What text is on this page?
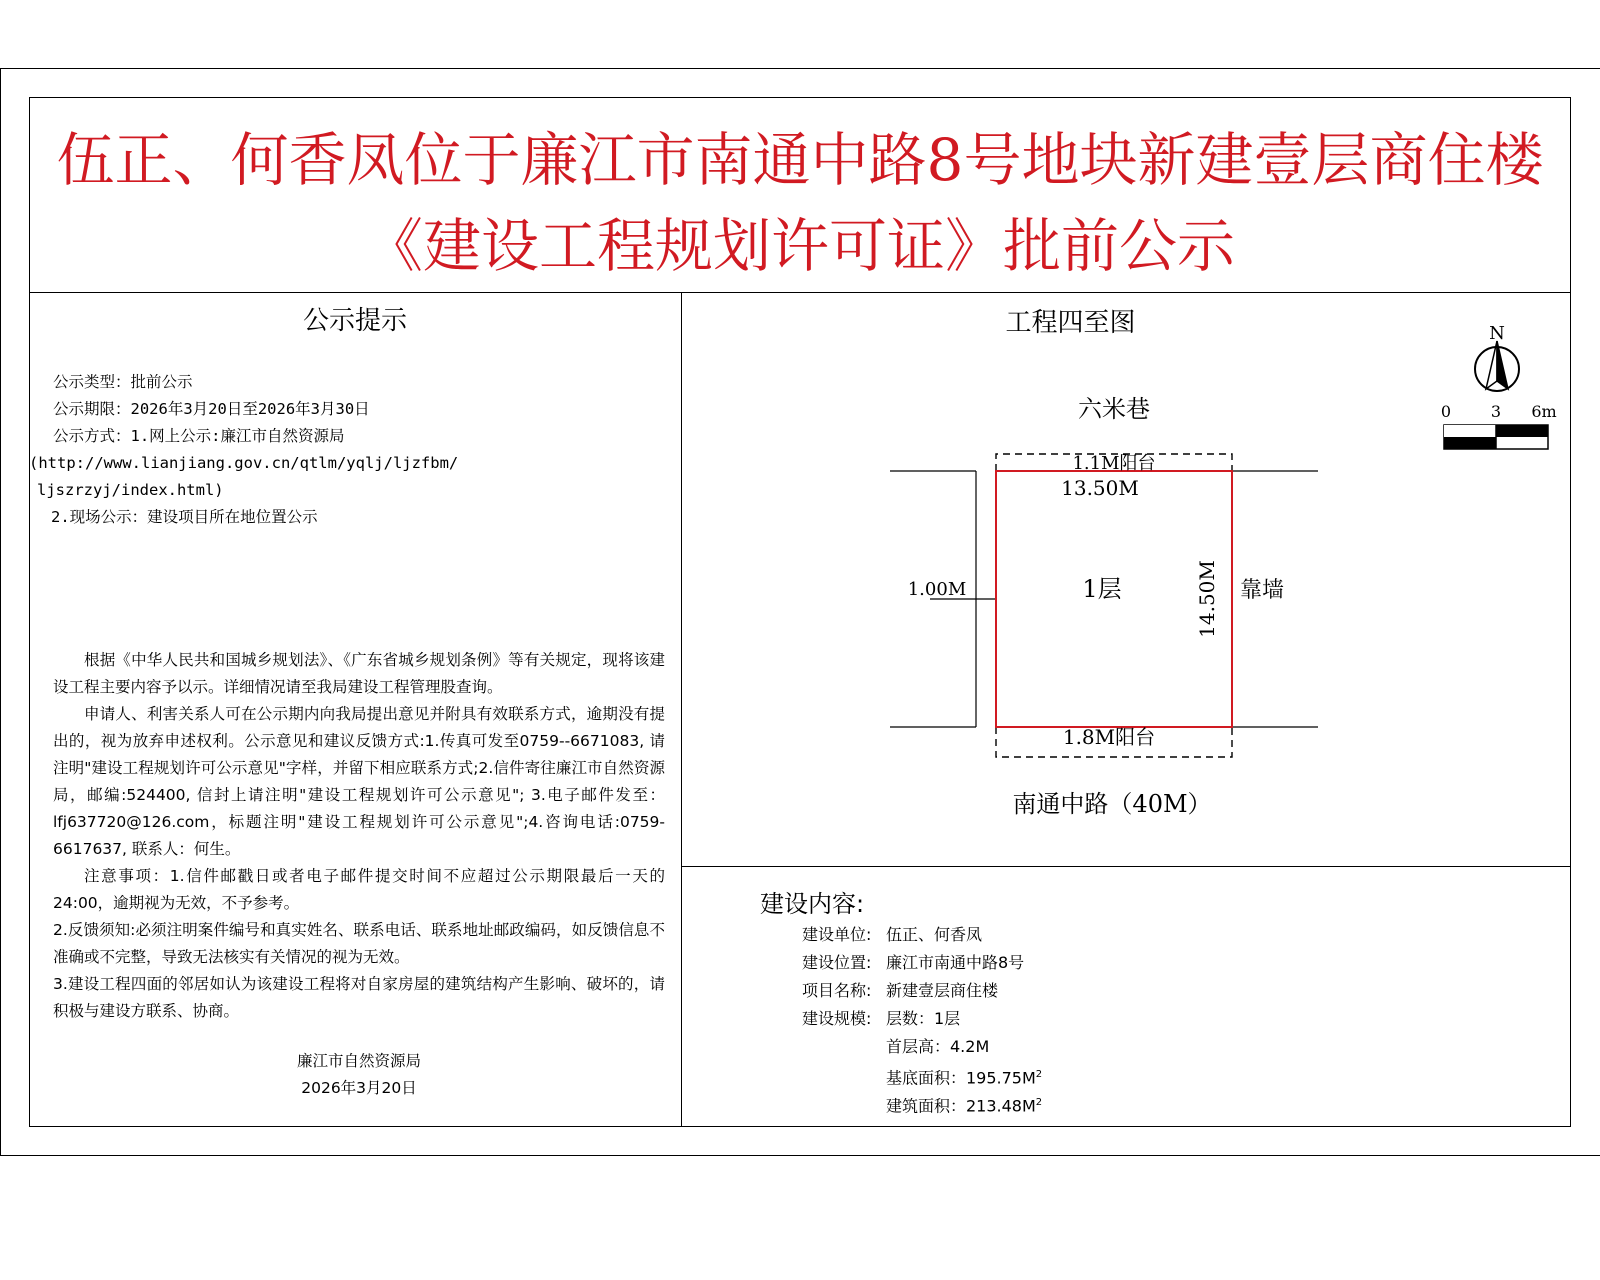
伍正、何香凤位于廉江市南通中路8号地块新建壹层商住楼
《建设工程规划许可证》批前公示
公示提示
公示类型：批前公示
公示期限：2026年3月20日至2026年3月30日
公示方式：1.网上公示:廉江市自然资源局
(http://www.lianjiang.gov.cn/qtlm/yqlj/ljzfbm/
ljszrzyj/index.html)
2.现场公示：建设项目所在地位置公示

根据《中华人民共和国城乡规划法》、《广东省城乡规划条例》等有关规定，现将该建设工程主要内容予以示。详细情况请至我局建设工程管理股查询。

申请人、利害关系人可在公示期内向我局提出意见并附具有效联系方式，逾期没有提出的，视为放弃申述权利。公示意见和建议反馈方式:1.传真可发至0759--6671083, 请注明"建设工程规划许可公示意见"字样，并留下相应联系方式;2.信件寄往廉江市自然资源局，邮编:524400, 信封上请注明"建设工程规划许可公示意见"; 3.电子邮件发至：lfj637720@126.com，标题注明"建设工程规划许可公示意见";4.咨询电话:0759-6617637, 联系人：何生。

注意事项：1.信件邮戳日或者电子邮件提交时间不应超过公示期限最后一天的24:00，逾期视为无效，不予参考。

2.反馈须知:必须注明案件编号和真实姓名、联系电话、联系地址邮政编码，如反馈信息不准确或不完整，导致无法核实有关情况的视为无效。

3.建设工程四面的邻居如认为该建设工程将对自家房屋的建筑结构产生影响、破坏的，请积极与建设方联系、协商。

廉江市自然资源局
2026年3月20日
工程四至图	N
0 3 6m
1.1M阳台
13.50M
1层
1.00M	14.50M 靠墙
1.8M阳台
六米巷
南通中路（40M）
建设内容:
建设单位: 伍正、何香凤
建设位置: 廉江市南通中路8号
项目名称: 新建壹层商住楼
建设规模: 层数：1层
首层高：4.2M
基底面积：$195.75M^2$
建筑面积：$213.48M^2$
